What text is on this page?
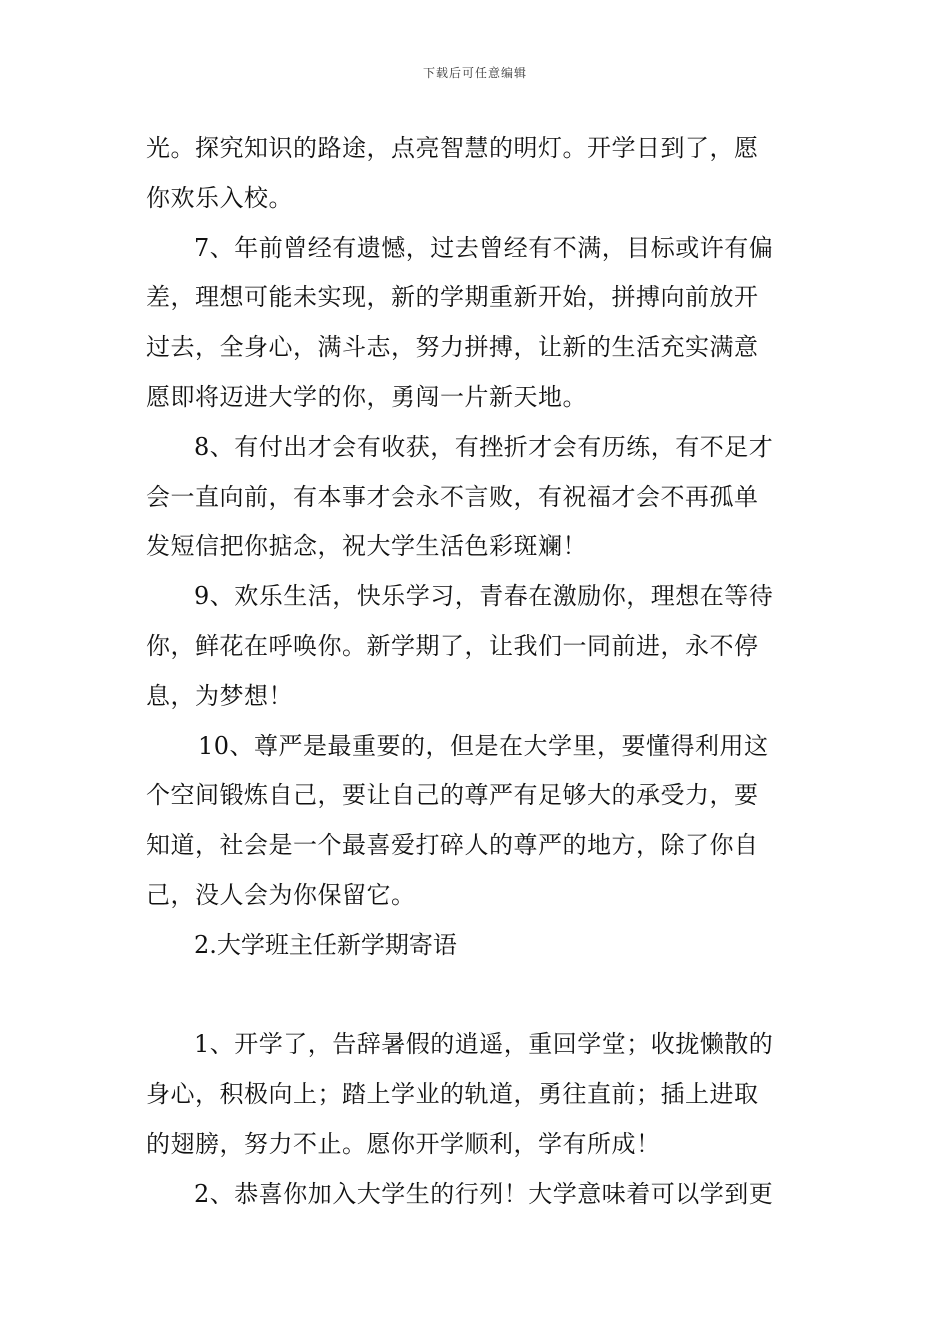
下载后可任意编辑

光。探究知识的路途，点亮智慧的明灯。开学日到了，愿
你欢乐入校。

7、年前曾经有遗憾，过去曾经有不满，目标或许有偏
差，理想可能未实现，新的学期重新开始，拼搏向前放开
过去，全身心，满斗志，努力拼搏，让新的生活充实满意
愿即将迈进大学的你，勇闯一片新天地。

8、有付出才会有收获，有挫折才会有历练，有不足才
会一直向前，有本事才会永不言败，有祝福才会不再孤单
发短信把你掂念，祝大学生活色彩斑斓！

9、欢乐生活，快乐学习，青春在激励你，理想在等待
你，鲜花在呼唤你。新学期了，让我们一同前进，永不停
息，为梦想！

10、尊严是最重要的，但是在大学里，要懂得利用这
个空间锻炼自己，要让自己的尊严有足够大的承受力，要
知道，社会是一个最喜爱打碎人的尊严的地方，除了你自
己，没人会为你保留它。

2.大学班主任新学期寄语

1、开学了，告辞暑假的逍遥，重回学堂；收拢懒散的
身心，积极向上；踏上学业的轨道，勇往直前；插上进取
的翅膀，努力不止。愿你开学顺利，学有所成！

2、恭喜你加入大学生的行列！大学意味着可以学到更
